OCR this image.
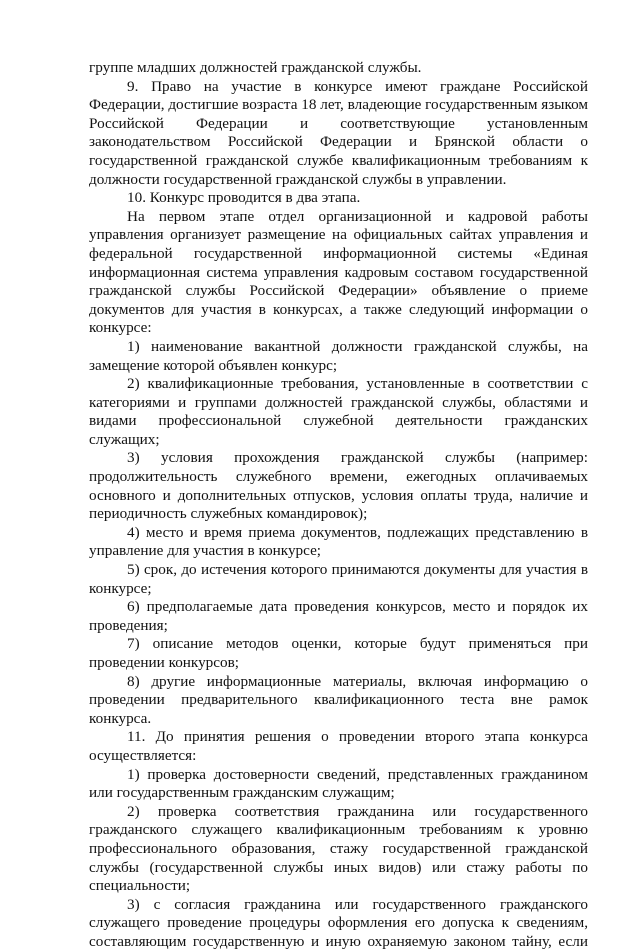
группе младших должностей гражданской службы.

9. Право на участие в конкурсе имеют граждане Российской Федерации, достигшие возраста 18 лет, владеющие государственным языком Российской Федерации и соответствующие установленным законодательством Российской Федерации и Брянской области о государственной гражданской службе квалификационным требованиям к должности государственной гражданской службы в управлении.

10. Конкурс проводится в два этапа.

На первом этапе отдел организационной и кадровой работы управления организует размещение на официальных сайтах управления и федеральной государственной информационной системы «Единая информационная система управления кадровым составом государственной гражданской службы Российской Федерации» объявление о приеме документов для участия в конкурсах, а также следующий информации о конкурсе:

1) наименование вакантной должности гражданской службы, на замещение которой объявлен конкурс;

2) квалификационные требования, установленные в соответствии с категориями и группами должностей гражданской службы, областями и видами профессиональной служебной деятельности гражданских служащих;

3) условия прохождения гражданской службы (например: продолжительность служебного времени, ежегодных оплачиваемых основного и дополнительных отпусков, условия оплаты труда, наличие и периодичность служебных командировок);

4) место и время приема документов, подлежащих представлению в управление для участия в конкурсе;

5) срок, до истечения которого принимаются документы для участия в конкурсе;

6) предполагаемые дата проведения конкурсов, место и порядок их проведения;

7) описание методов оценки, которые будут применяться при проведении конкурсов;

8) другие информационные материалы, включая информацию о проведении предварительного квалификационного теста вне рамок конкурса.

11. До принятия решения о проведении второго этапа конкурса осуществляется:

1) проверка достоверности сведений, представленных гражданином или государственным гражданским служащим;

2) проверка соответствия гражданина или государственного гражданского служащего квалификационным требованиям к уровню профессионального образования, стажу государственной гражданской службы (государственной службы иных видов) или стажу работы по специальности;

3) с согласия гражданина или государственного гражданского служащего проведение процедуры оформления его допуска к сведениям, составляющим государственную и иную охраняемую законом тайну, если
